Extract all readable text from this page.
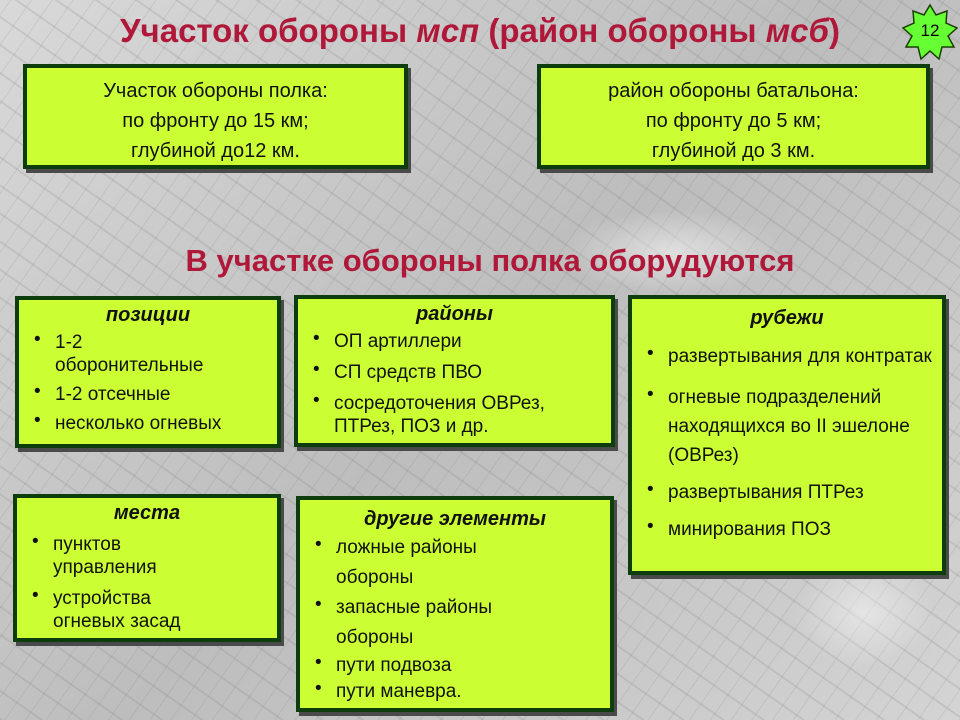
Участок обороны мсп (район обороны мсб)	12
Участок обороны полка:
по фронту до 15 км;
глубиной до12 км.
район обороны батальона:
по фронту до 5 км;
глубиной до 3 км.
В участке обороны полка оборудуются
позиции
• 1-2 оборонительные
• 1-2 отсечные
• несколько огневых
районы
• ОП артиллери
• СП средств ПВО
• сосредоточения ОВРез, ПТРез, ПОЗ и др.
рубежи
• развертывания для контратак
• огневые подразделений находящихся во II эшелоне (ОВРез)
• развертывания ПТРез
• минирования ПОЗ
места
• пунктов управления
• устройства огневых засад
другие элементы
• ложные районы обороны
• запасные районы обороны
• пути подвоза
• пути маневра.
